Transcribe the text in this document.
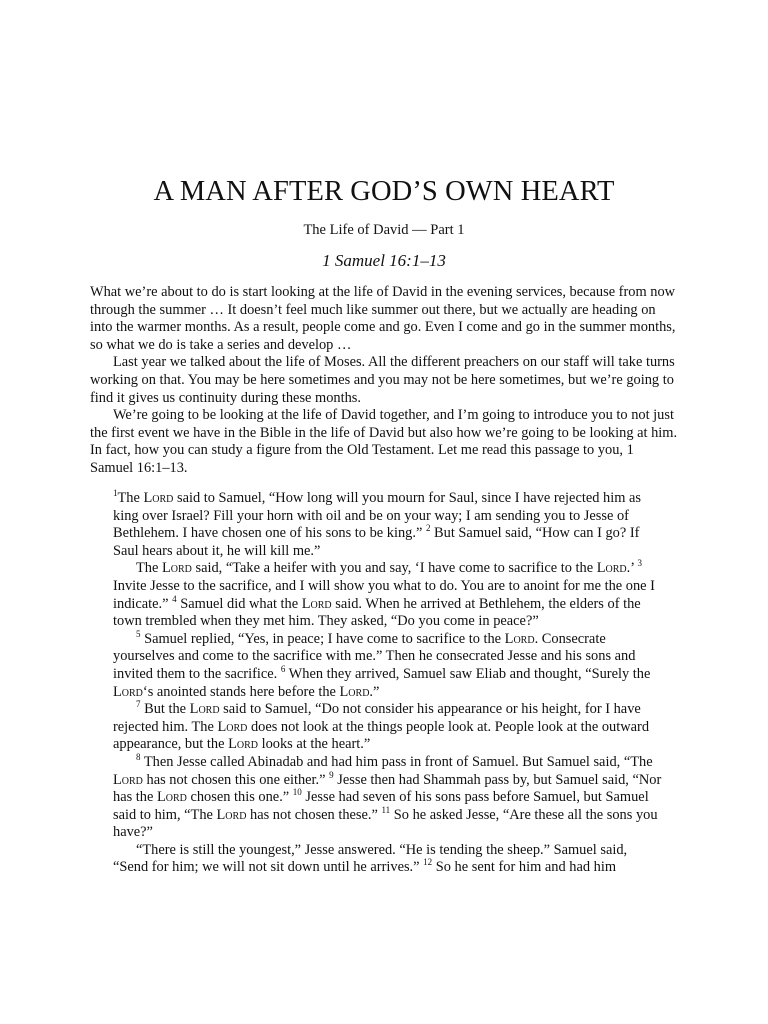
A MAN AFTER GOD’S OWN HEART
The Life of David — Part 1
1 Samuel 16:1–13

What we’re about to do is start looking at the life of David in the evening services, because from now through the summer … It doesn’t feel much like summer out there, but we actually are heading on into the warmer months. As a result, people come and go. Even I come and go in the summer months, so what we do is take a series and develop …

Last year we talked about the life of Moses. All the different preachers on our staff will take turns working on that. You may be here sometimes and you may not be here sometimes, but we’re going to find it gives us continuity during these months.

We’re going to be looking at the life of David together, and I’m going to introduce you to not just the first event we have in the Bible in the life of David but also how we’re going to be looking at him. In fact, how you can study a figure from the Old Testament. Let me read this passage to you, 1 Samuel 16:1–13.

$^1$The Lord said to Samuel, “How long will you mourn for Saul, since I have rejected him as king over Israel? Fill your horn with oil and be on your way; I am sending you to Jesse of Bethlehem. I have chosen one of his sons to be king.” $^2$ But Samuel said, “How can I go? If Saul hears about it, he will kill me.”

The Lord said, “Take a heifer with you and say, ‘I have come to sacrifice to the Lord.’ $^3$ Invite Jesse to the sacrifice, and I will show you what to do. You are to anoint for me the one I indicate.” $^4$ Samuel did what the Lord said. When he arrived at Bethlehem, the elders of the town trembled when they met him. They asked, “Do you come in peace?”

$^5$ Samuel replied, “Yes, in peace; I have come to sacrifice to the Lord. Consecrate yourselves and come to the sacrifice with me.” Then he consecrated Jesse and his sons and invited them to the sacrifice. $^6$ When they arrived, Samuel saw Eliab and thought, “Surely the Lord‘s anointed stands here before the Lord.”

$^7$ But the Lord said to Samuel, “Do not consider his appearance or his height, for I have rejected him. The Lord does not look at the things people look at. People look at the outward appearance, but the Lord looks at the heart.”

$^8$ Then Jesse called Abinadab and had him pass in front of Samuel. But Samuel said, “The Lord has not chosen this one either.” $^9$ Jesse then had Shammah pass by, but Samuel said, “Nor has the Lord chosen this one.” $^{10}$ Jesse had seven of his sons pass before Samuel, but Samuel said to him, “The Lord has not chosen these.” $^{11}$ So he asked Jesse, “Are these all the sons you have?”

“There is still the youngest,” Jesse answered. “He is tending the sheep.” Samuel said, “Send for him; we will not sit down until he arrives.” $^{12}$ So he sent for him and had him
